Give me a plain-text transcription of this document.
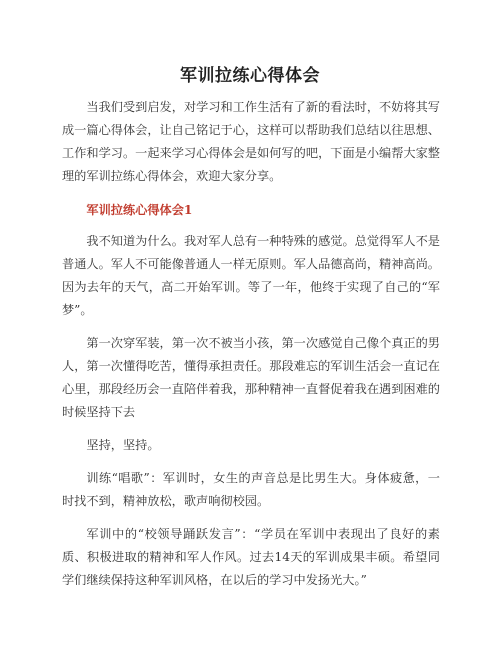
军训拉练心得体会

当我们受到启发，对学习和工作生活有了新的看法时，不妨将其写成一篇心得体会，让自己铭记于心，这样可以帮助我们总结以往思想、工作和学习。一起来学习心得体会是如何写的吧，下面是小编帮大家整理的军训拉练心得体会，欢迎大家分享。

军训拉练心得体会1

我不知道为什么。我对军人总有一种特殊的感觉。总觉得军人不是普通人。军人不可能像普通人一样无原则。军人品德高尚，精神高尚。因为去年的天气，高二开始军训。等了一年，他终于实现了自己的“军梦”。

第一次穿军装，第一次不被当小孩，第一次感觉自己像个真正的男人，第一次懂得吃苦，懂得承担责任。那段难忘的军训生活会一直记在心里，那段经历会一直陪伴着我，那种精神一直督促着我在遇到困难的时候坚持下去

坚持，坚持。

训练“唱歌”：军训时，女生的声音总是比男生大。身体疲惫，一时找不到，精神放松，歌声响彻校园。

军训中的“校领导踊跃发言”：“学员在军训中表现出了良好的素质、积极进取的精神和军人作风。过去14天的军训成果丰硕。希望同学们继续保持这种军训风格，在以后的学习中发扬光大。”
